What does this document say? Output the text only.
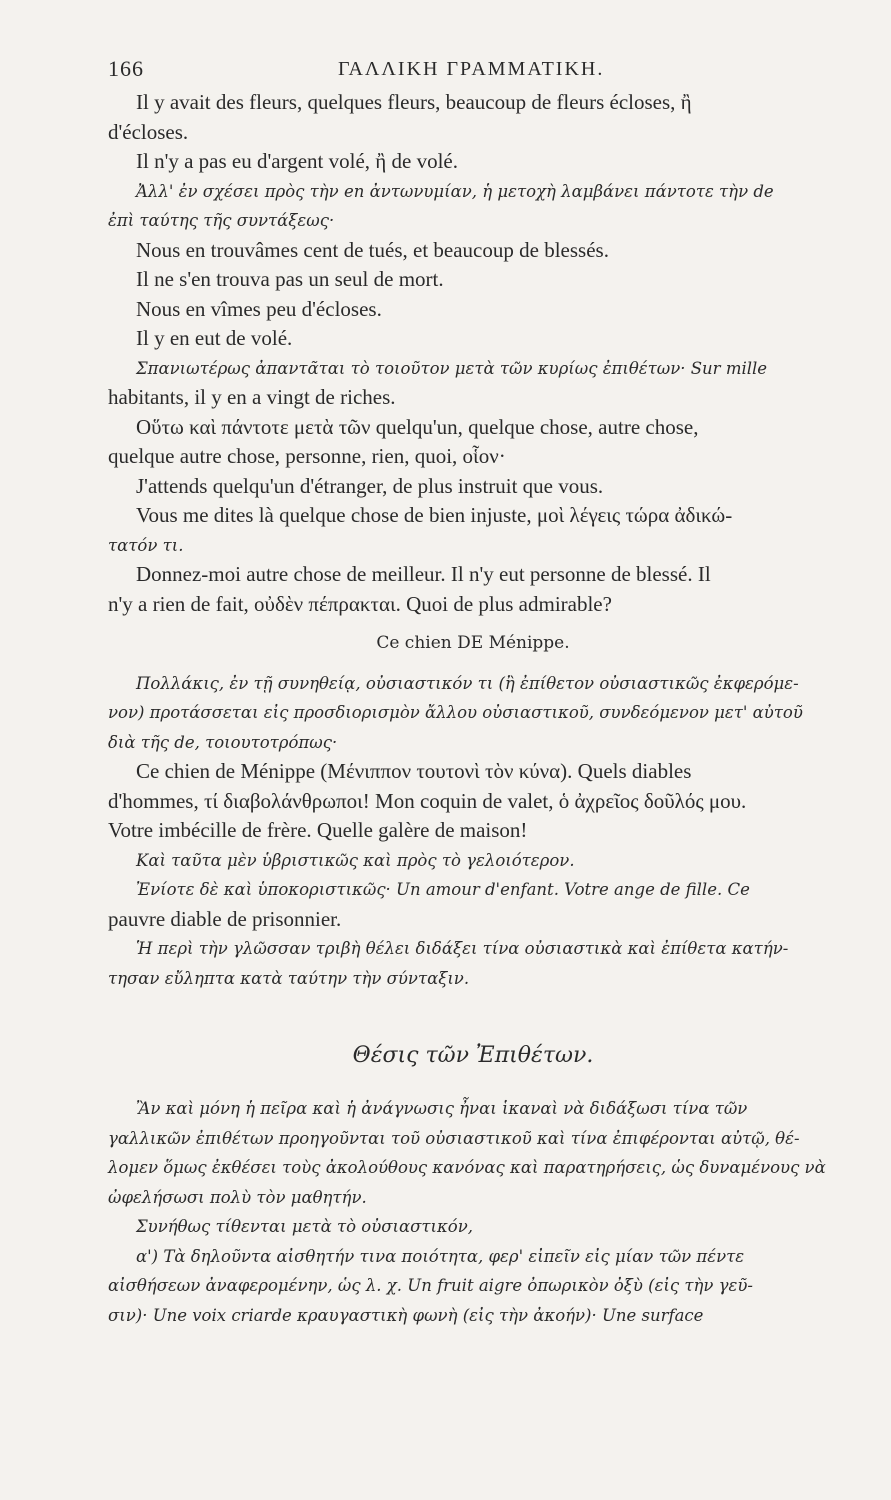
166	ΓΑΛΛΙΚΗ ΓΡΑΜΜΑΤΙΚΗ.
Il y avait des fleurs, quelques fleurs, beaucoup de fleurs écloses, ἢ
d'écloses.
Il n'y a pas eu d'argent volé, ἢ de volé.
Ἀλλ' ἐν σχέσει πρὸς τὴν en ἀντωνυμίαν, ἡ μετοχὴ λαμβάνει πάντοτε τὴν de
ἐπὶ ταύτης τῆς συντάξεως·
Nous en trouvâmes cent de tués, et beaucoup de blessés.
Il ne s'en trouva pas un seul de mort.
Nous en vîmes peu d'écloses.
Il y en eut de volé.
Σπανιωτέρως ἀπαντᾶται τὸ τοιοῦτον μετὰ τῶν κυρίως ἐπιθέτων· Sur mille
habitants, il y en a vingt de riches.
Οὕτω καὶ πάντοτε μετὰ τῶν quelqu'un, quelque chose, autre chose,
quelque autre chose, personne, rien, quoi, οἷον·
J'attends quelqu'un d'étranger, de plus instruit que vous.
Vous me dites là quelque chose de bien injuste, μοὶ λέγεις τώρα ἀδικώ-
τατόν τι.
Donnez-moi autre chose de meilleur. Il n'y eut personne de blessé. Il
n'y a rien de fait, οὐδὲν πέπρακται. Quoi de plus admirable?
Ce chien DE Ménippe.
Πολλάκις, ἐν τῇ συνηθείᾳ, οὐσιαστικόν τι (ἢ ἐπίθετον οὐσιαστικῶς ἐκφερόμε-
νον) προτάσσεται εἰς προσδιορισμὸν ἄλλου οὐσιαστικοῦ, συνδεόμενον μετ' αὐτοῦ
διὰ τῆς de, τοιουτοτρόπως·
Ce chien de Ménippe (Μένιππον τουτονὶ τὸν κύνα). Quels diables
d'hommes, τί διαβολάνθρωποι! Mon coquin de valet, ὁ ἀχρεῖος δοῦλός μου.
Votre imbécille de frère. Quelle galère de maison!
Καὶ ταῦτα μὲν ὑβριστικῶς καὶ πρὸς τὸ γελοιότερον.
Ἐνίοτε δὲ καὶ ὑποκοριστικῶς· Un amour d'enfant. Votre ange de fille. Ce
pauvre diable de prisonnier.
Ἡ περὶ τὴν γλῶσσαν τριβὴ θέλει διδάξει τίνα οὐσιαστικὰ καὶ ἐπίθετα κατήν-
τησαν εὔληπτα κατὰ ταύτην τὴν σύνταξιν.
Θέσις τῶν Ἐπιθέτων.
Ἂν καὶ μόνη ἡ πεῖρα καὶ ἡ ἀνάγνωσις ἦναι ἱκαναὶ νὰ διδάξωσι τίνα τῶν
γαλλικῶν ἐπιθέτων προηγοῦνται τοῦ οὐσιαστικοῦ καὶ τίνα ἐπιφέρονται αὐτῷ, θέ-
λομεν ὅμως ἐκθέσει τοὺς ἀκολούθους κανόνας καὶ παρατηρήσεις, ὡς δυναμένους νὰ
ὠφελήσωσι πολὺ τὸν μαθητήν.
Συνήθως τίθενται μετὰ τὸ οὐσιαστικόν,
α') Τὰ δηλοῦντα αἰσθητήν τινα ποιότητα, φερ' εἰπεῖν εἰς μίαν τῶν πέντε
αἰσθήσεων ἀναφερομένην, ὡς λ. χ. Un fruit aigre ὀπωρικὸν ὀξὺ (εἰς τὴν γεῦ-
σιν)· Une voix criarde κραυγαστικὴ φωνὴ (εἰς τὴν ἀκοήν)· Une surface
